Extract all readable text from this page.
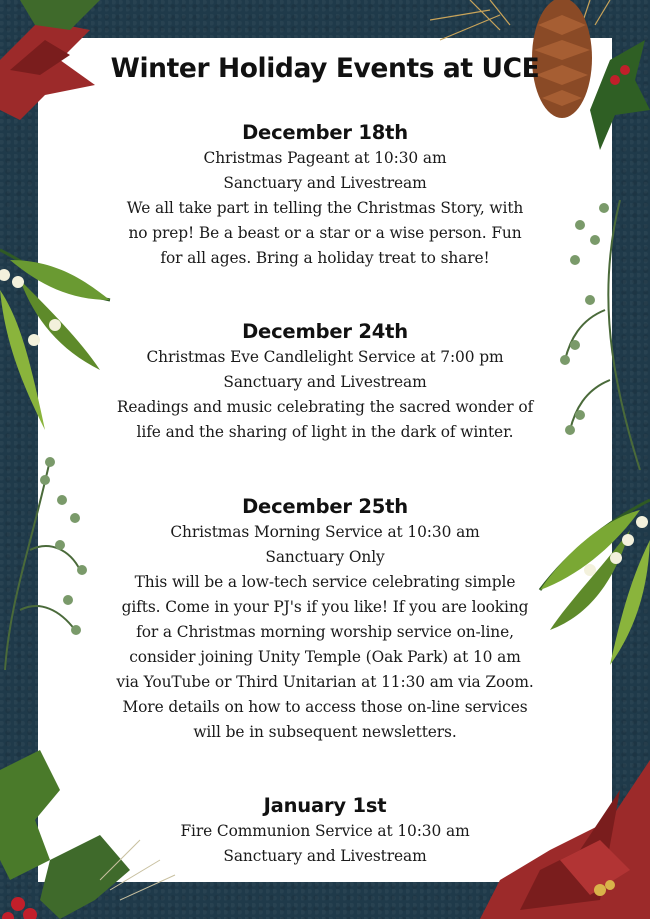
Winter Holiday Events at UCE
December 18th

Christmas Pageant at 10:30 am

Sanctuary and Livestream

We all take part in telling the Christmas Story, with no prep! Be a beast or a star or a wise person. Fun for all ages. Bring a holiday treat to share!

December 24th

Christmas Eve Candlelight Service at 7:00 pm

Sanctuary and Livestream

Readings and music celebrating the sacred wonder of life and the sharing of light in the dark of winter.

December 25th

Christmas Morning Service at 10:30 am

Sanctuary Only

This will be a low-tech service celebrating simple gifts. Come in your PJ's if you like! If you are looking for a Christmas morning worship service on-line, consider joining Unity Temple (Oak Park) at 10 am via YouTube or Third Unitarian at 11:30 am via Zoom. More details on how to access those on-line services will be in subsequent newsletters.

January 1st

Fire Communion Service at 10:30 am

Sanctuary and Livestream
